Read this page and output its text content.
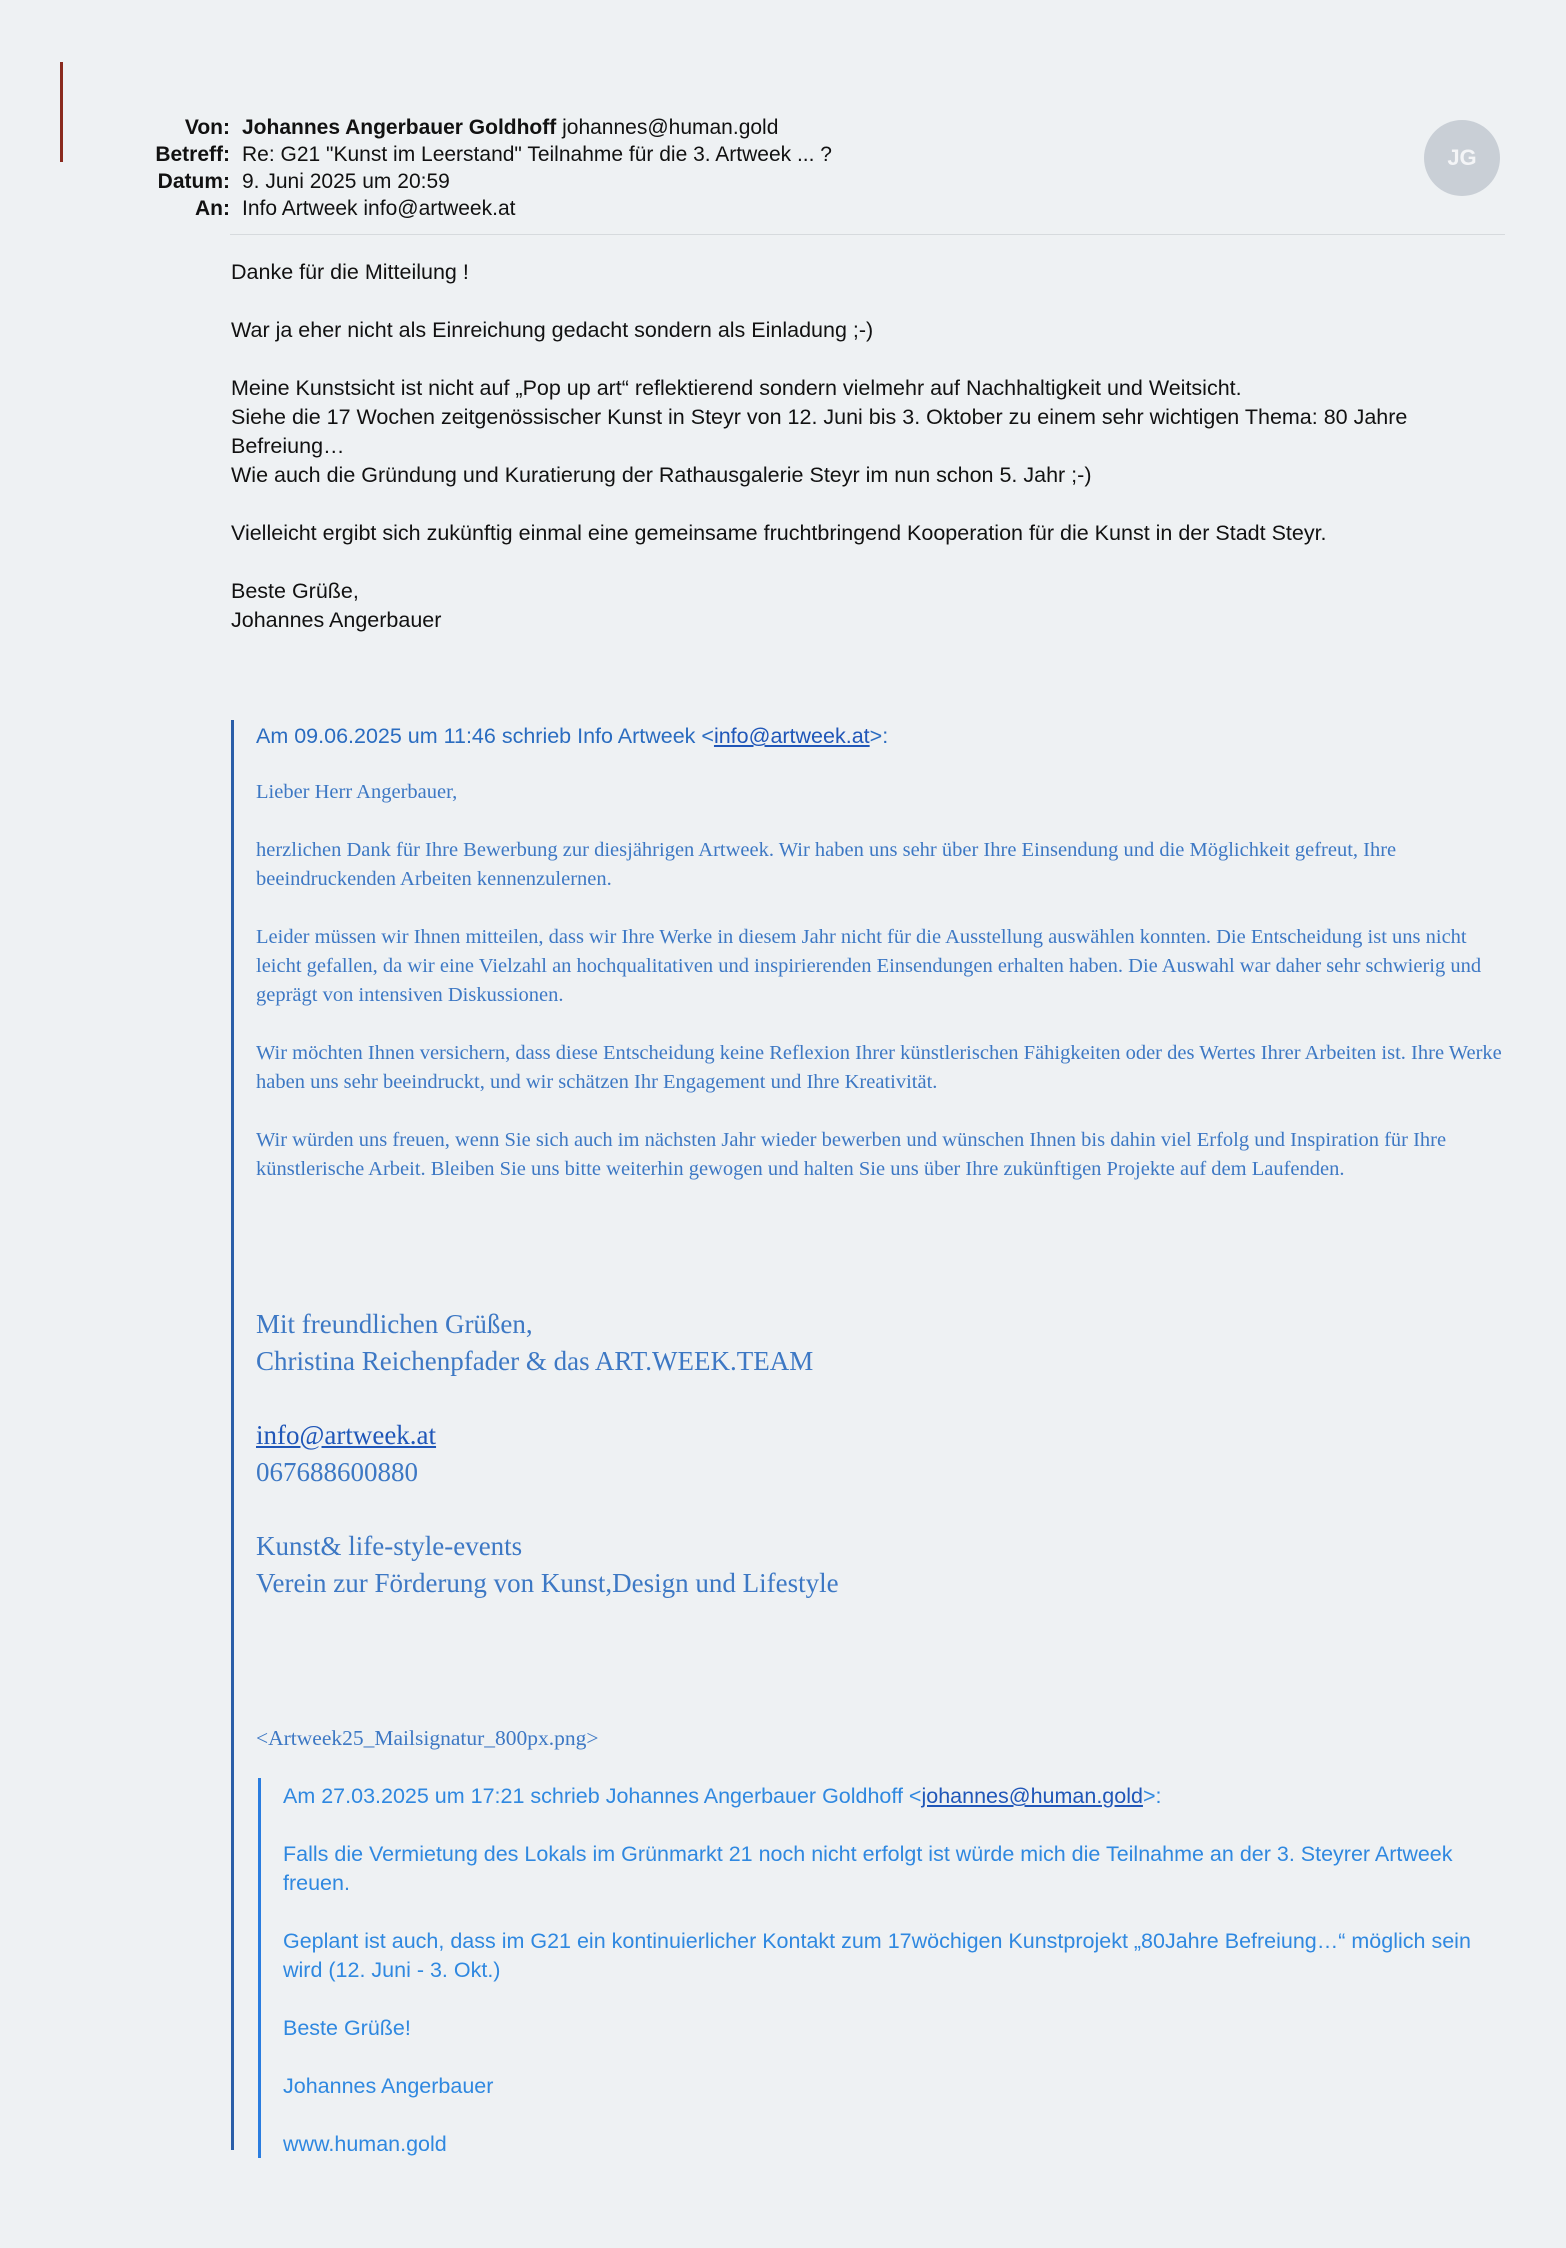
Von: Johannes Angerbauer Goldhoff johannes@human.gold
Betreff: Re: G21 "Kunst im Leerstand" Teilnahme für die 3. Artweek ... ?
Datum: 9. Juni 2025 um 20:59
An: Info Artweek info@artweek.at
JG

Danke für die Mitteilung !

War ja eher nicht als Einreichung gedacht sondern als Einladung ;-)

Meine Kunstsicht ist nicht auf „Pop up art“ reflektierend sondern vielmehr auf Nachhaltigkeit und Weitsicht.
Siehe die 17 Wochen zeitgenössischer Kunst in Steyr von 12. Juni bis 3. Oktober zu einem sehr wichtigen Thema: 80 Jahre Befreiung…
Wie auch die Gründung und Kuratierung der Rathausgalerie Steyr im nun schon 5. Jahr ;-)

Vielleicht ergibt sich zukünftig einmal eine gemeinsame fruchtbringend Kooperation für die Kunst in der Stadt Steyr.

Beste Grüße,
Johannes Angerbauer

Am 09.06.2025 um 11:46 schrieb Info Artweek <info@artweek.at>:

Lieber Herr Angerbauer,

herzlichen Dank für Ihre Bewerbung zur diesjährigen Artweek. Wir haben uns sehr über Ihre Einsendung und die Möglichkeit gefreut, Ihre beeindruckenden Arbeiten kennenzulernen.

Leider müssen wir Ihnen mitteilen, dass wir Ihre Werke in diesem Jahr nicht für die Ausstellung auswählen konnten. Die Entscheidung ist uns nicht leicht gefallen, da wir eine Vielzahl an hochqualitativen und inspirierenden Einsendungen erhalten haben. Die Auswahl war daher sehr schwierig und geprägt von intensiven Diskussionen.

Wir möchten Ihnen versichern, dass diese Entscheidung keine Reflexion Ihrer künstlerischen Fähigkeiten oder des Wertes Ihrer Arbeiten ist. Ihre Werke haben uns sehr beeindruckt, und wir schätzen Ihr Engagement und Ihre Kreativität.

Wir würden uns freuen, wenn Sie sich auch im nächsten Jahr wieder bewerben und wünschen Ihnen bis dahin viel Erfolg und Inspiration für Ihre künstlerische Arbeit. Bleiben Sie uns bitte weiterhin gewogen und halten Sie uns über Ihre zukünftigen Projekte auf dem Laufenden.

Mit freundlichen Grüßen,
Christina Reichenpfader & das ART.WEEK.TEAM

info@artweek.at
067688600880

Kunst& life-style-events
Verein zur Förderung von Kunst,Design und Lifestyle

<Artweek25_Mailsignatur_800px.png>

Am 27.03.2025 um 17:21 schrieb Johannes Angerbauer Goldhoff <johannes@human.gold>:

Falls die Vermietung des Lokals im Grünmarkt 21 noch nicht erfolgt ist würde mich die Teilnahme an der 3. Steyrer Artweek freuen.

Geplant ist auch, dass im G21 ein kontinuierlicher Kontakt zum 17wöchigen Kunstprojekt „80Jahre Befreiung…“ möglich sein wird (12. Juni - 3. Okt.)

Beste Grüße!

Johannes Angerbauer

www.human.gold
